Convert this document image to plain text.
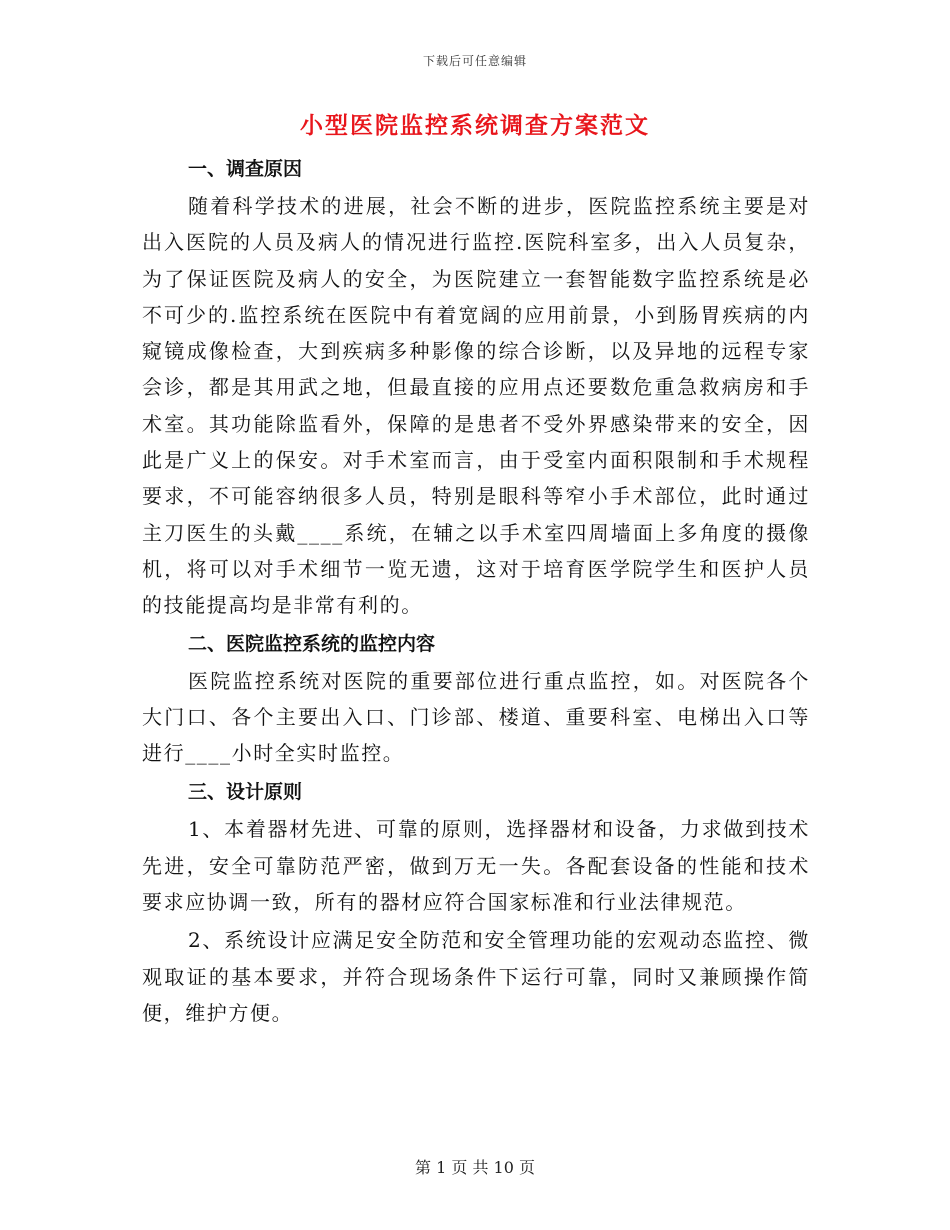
下载后可任意编辑
小型医院监控系统调查方案范文
一、调查原因

随着科学技术的进展，社会不断的进步，医院监控系统主要是对出入医院的人员及病人的情况进行监控.医院科室多，出入人员复杂，为了保证医院及病人的安全，为医院建立一套智能数字监控系统是必不可少的.监控系统在医院中有着宽阔的应用前景，小到肠胃疾病的内窥镜成像检查，大到疾病多种影像的综合诊断，以及异地的远程专家会诊，都是其用武之地，但最直接的应用点还要数危重急救病房和手术室。其功能除监看外，保障的是患者不受外界感染带来的安全，因此是广义上的保安。对手术室而言，由于受室内面积限制和手术规程要求，不可能容纳很多人员，特别是眼科等窄小手术部位，此时通过主刀医生的头戴____系统，在辅之以手术室四周墙面上多角度的摄像机，将可以对手术细节一览无遗，这对于培育医学院学生和医护人员的技能提高均是非常有利的。

二、医院监控系统的监控内容

医院监控系统对医院的重要部位进行重点监控，如。对医院各个大门口、各个主要出入口、门诊部、楼道、重要科室、电梯出入口等进行____小时全实时监控。

三、设计原则

1、本着器材先进、可靠的原则，选择器材和设备，力求做到技术先进，安全可靠防范严密，做到万无一失。各配套设备的性能和技术要求应协调一致，所有的器材应符合国家标准和行业法律规范。

2、系统设计应满足安全防范和安全管理功能的宏观动态监控、微观取证的基本要求，并符合现场条件下运行可靠，同时又兼顾操作简便，维护方便。

第 1 页 共 10 页
